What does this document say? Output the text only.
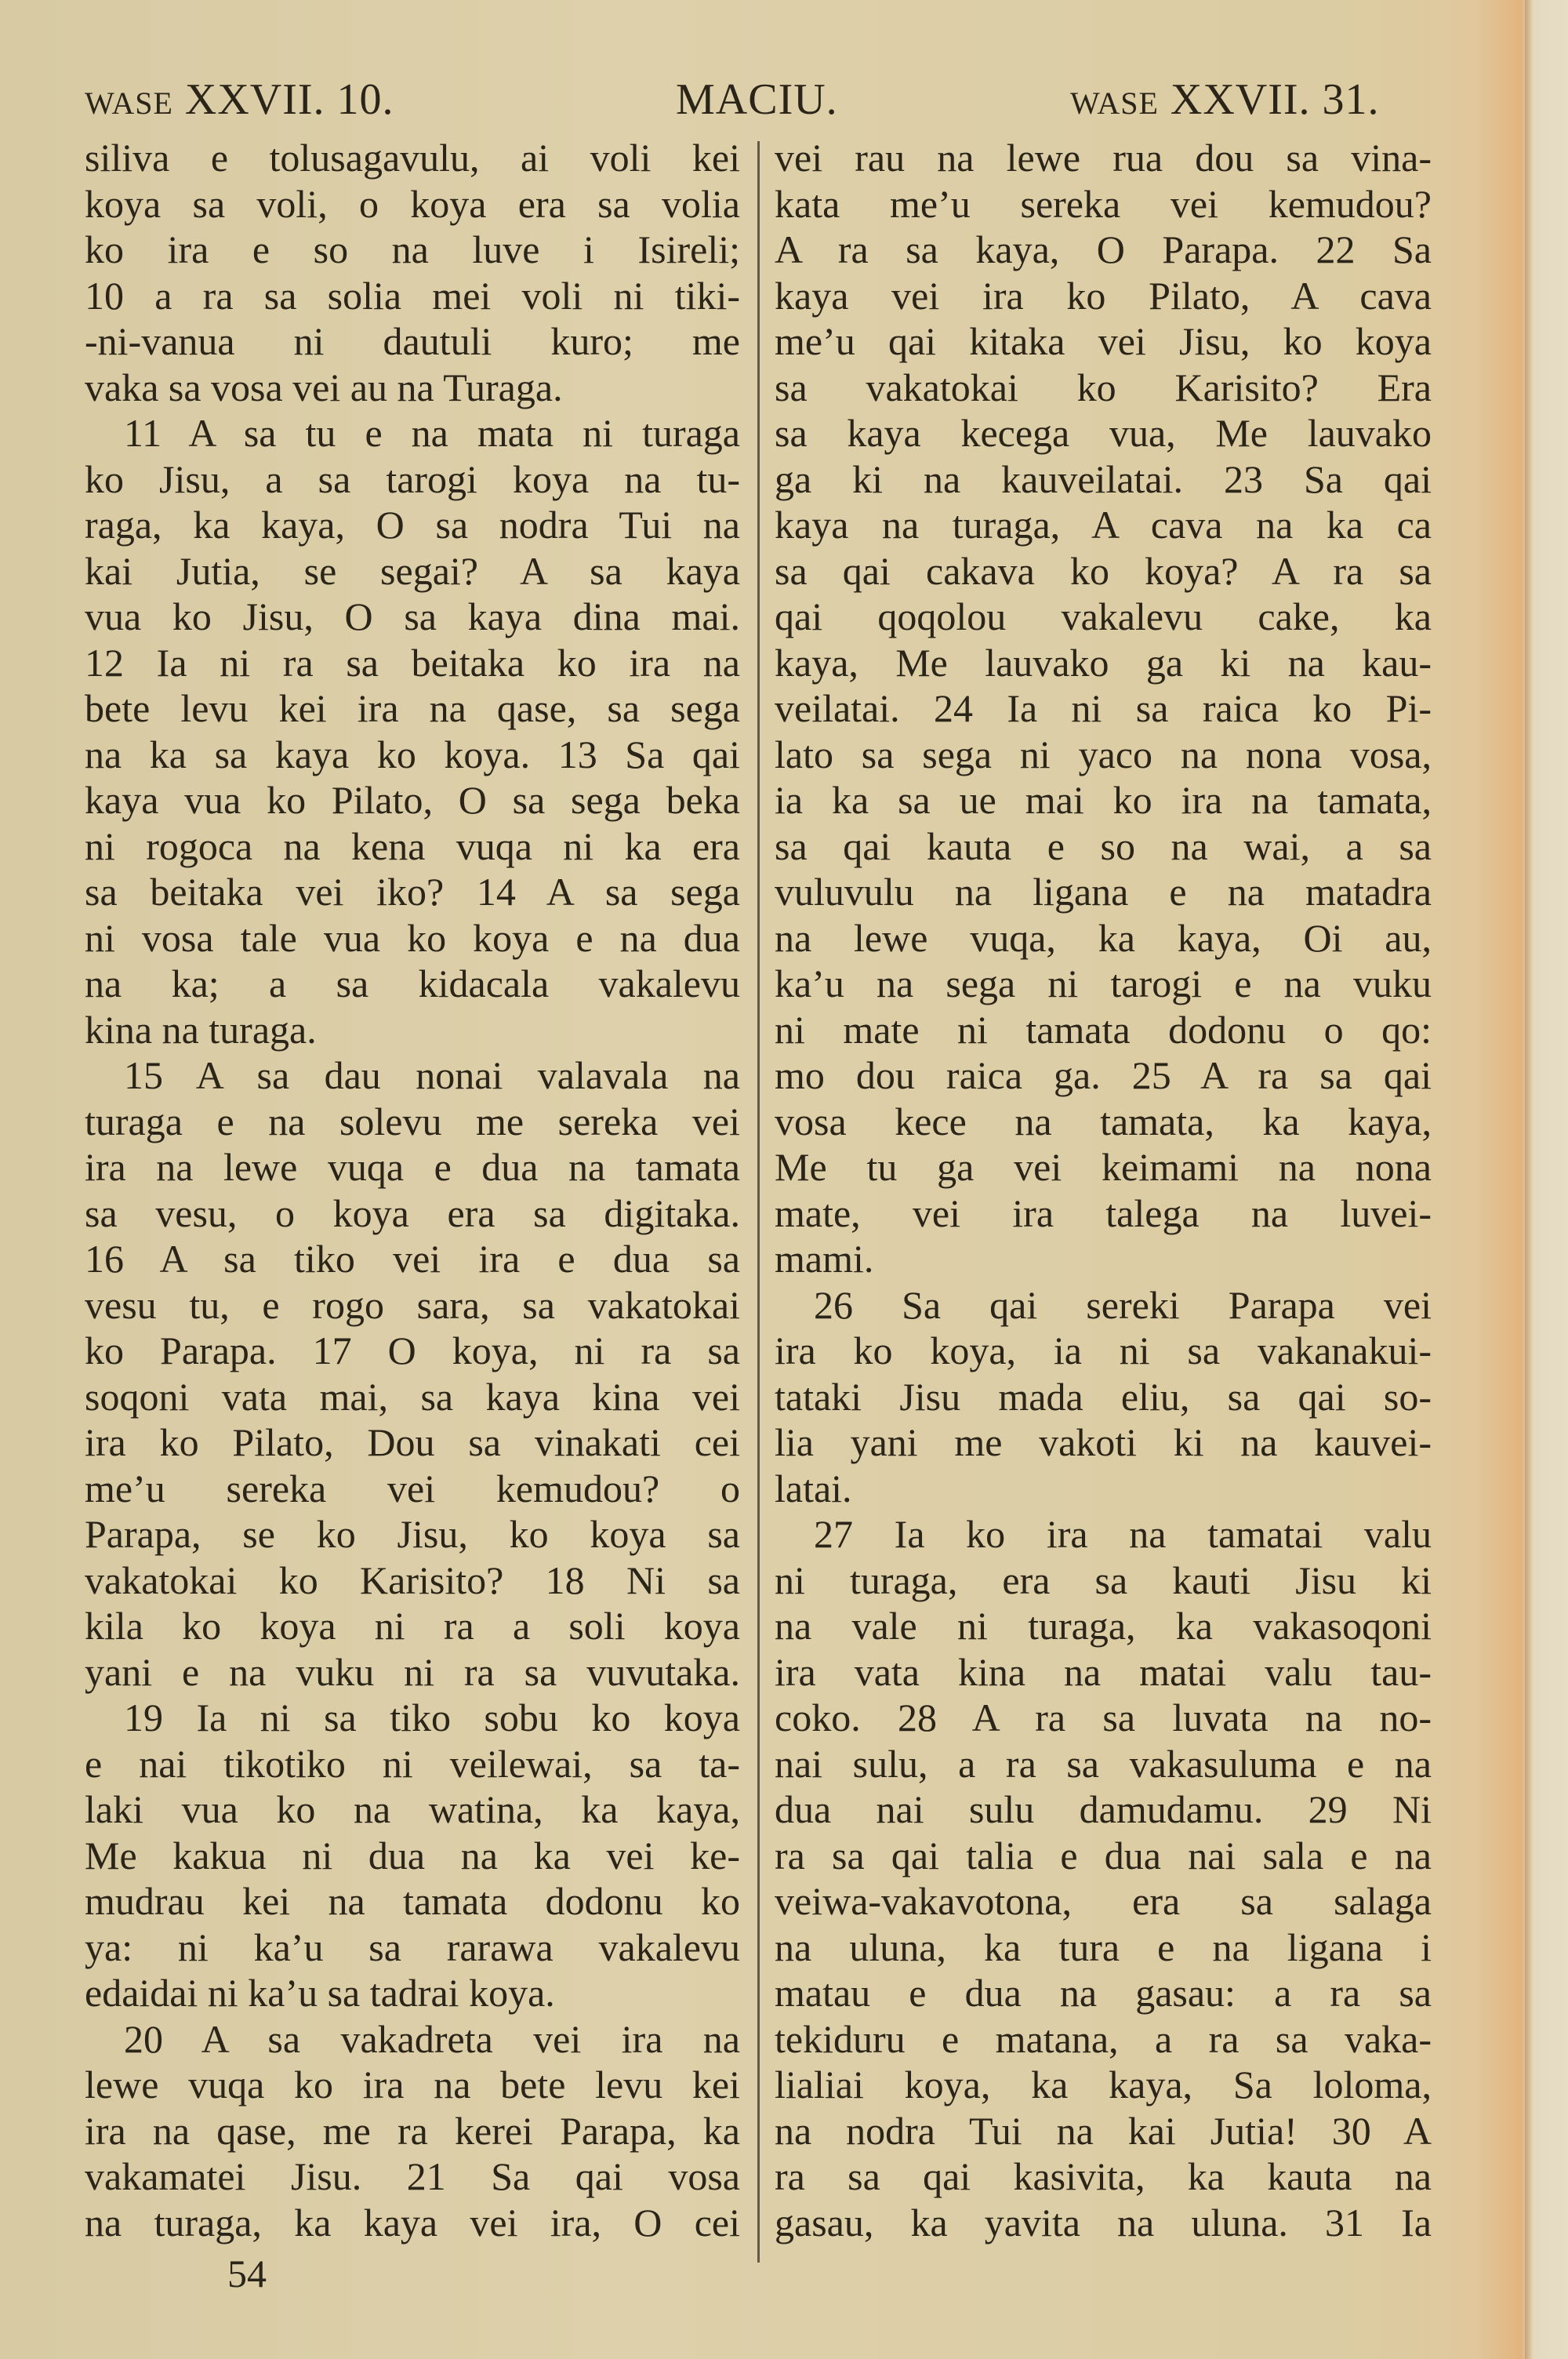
WASE XXVII. 10.	MACIU.	WASE XXVII. 31.
siliva e tolusagavulu, ai voli kei
koya sa voli, o koya era sa volia
ko ira e so na luve i Isireli;
10 a ra sa solia mei voli ni tiki-
-ni-vanua ni dautuli kuro; me
vaka sa vosa vei au na Turaga.
11 A sa tu e na mata ni turaga
ko Jisu, a sa tarogi koya na tu-
raga, ka kaya, O sa nodra Tui na
kai Jutia, se segai? A sa kaya
vua ko Jisu, O sa kaya dina mai.
12 Ia ni ra sa beitaka ko ira na
bete levu kei ira na qase, sa sega
na ka sa kaya ko koya. 13 Sa qai
kaya vua ko Pilato, O sa sega beka
ni rogoca na kena vuqa ni ka era
sa beitaka vei iko? 14 A sa sega
ni vosa tale vua ko koya e na dua
na ka; a sa kidacala vakalevu
kina na turaga.
15 A sa dau nonai valavala na
turaga e na solevu me sereka vei
ira na lewe vuqa e dua na tamata
sa vesu, o koya era sa digitaka.
16 A sa tiko vei ira e dua sa
vesu tu, e rogo sara, sa vakatokai
ko Parapa. 17 O koya, ni ra sa
soqoni vata mai, sa kaya kina vei
ira ko Pilato, Dou sa vinakati cei
me’u sereka vei kemudou? o
Parapa, se ko Jisu, ko koya sa
vakatokai ko Karisito? 18 Ni sa
kila ko koya ni ra a soli koya
yani e na vuku ni ra sa vuvutaka.
19 Ia ni sa tiko sobu ko koya
e nai tikotiko ni veilewai, sa ta-
laki vua ko na watina, ka kaya,
Me kakua ni dua na ka vei ke-
mudrau kei na tamata dodonu ko
ya: ni ka’u sa rarawa vakalevu
edaidai ni ka’u sa tadrai koya.
20 A sa vakadreta vei ira na
lewe vuqa ko ira na bete levu kei
ira na qase, me ra kerei Parapa, ka
vakamatei Jisu. 21 Sa qai vosa
na turaga, ka kaya vei ira, O cei
vei rau na lewe rua dou sa vina-
kata me’u sereka vei kemudou?
A ra sa kaya, O Parapa. 22 Sa
kaya vei ira ko Pilato, A cava
me’u qai kitaka vei Jisu, ko koya
sa vakatokai ko Karisito? Era
sa kaya kecega vua, Me lauvako
ga ki na kauveilatai. 23 Sa qai
kaya na turaga, A cava na ka ca
sa qai cakava ko koya? A ra sa
qai qoqolou vakalevu cake, ka
kaya, Me lauvako ga ki na kau-
veilatai. 24 Ia ni sa raica ko Pi-
lato sa sega ni yaco na nona vosa,
ia ka sa ue mai ko ira na tamata,
sa qai kauta e so na wai, a sa
vuluvulu na ligana e na matadra
na lewe vuqa, ka kaya, Oi au,
ka’u na sega ni tarogi e na vuku
ni mate ni tamata dodonu o qo:
mo dou raica ga. 25 A ra sa qai
vosa kece na tamata, ka kaya,
Me tu ga vei keimami na nona
mate, vei ira talega na luvei-
mami.
26 Sa qai sereki Parapa vei
ira ko koya, ia ni sa vakanakui-
tataki Jisu mada eliu, sa qai so-
lia yani me vakoti ki na kauvei-
latai.
27 Ia ko ira na tamatai valu
ni turaga, era sa kauti Jisu ki
na vale ni turaga, ka vakasoqoni
ira vata kina na matai valu tau-
coko. 28 A ra sa luvata na no-
nai sulu, a ra sa vakasuluma e na
dua nai sulu damudamu. 29 Ni
ra sa qai talia e dua nai sala e na
veiwa-vakavotona, era sa salaga
na uluna, ka tura e na ligana i
matau e dua na gasau: a ra sa
tekiduru e matana, a ra sa vaka-
lialiai koya, ka kaya, Sa loloma,
na nodra Tui na kai Jutia! 30 A
ra sa qai kasivita, ka kauta na
gasau, ka yavita na uluna. 31 Ia
54
